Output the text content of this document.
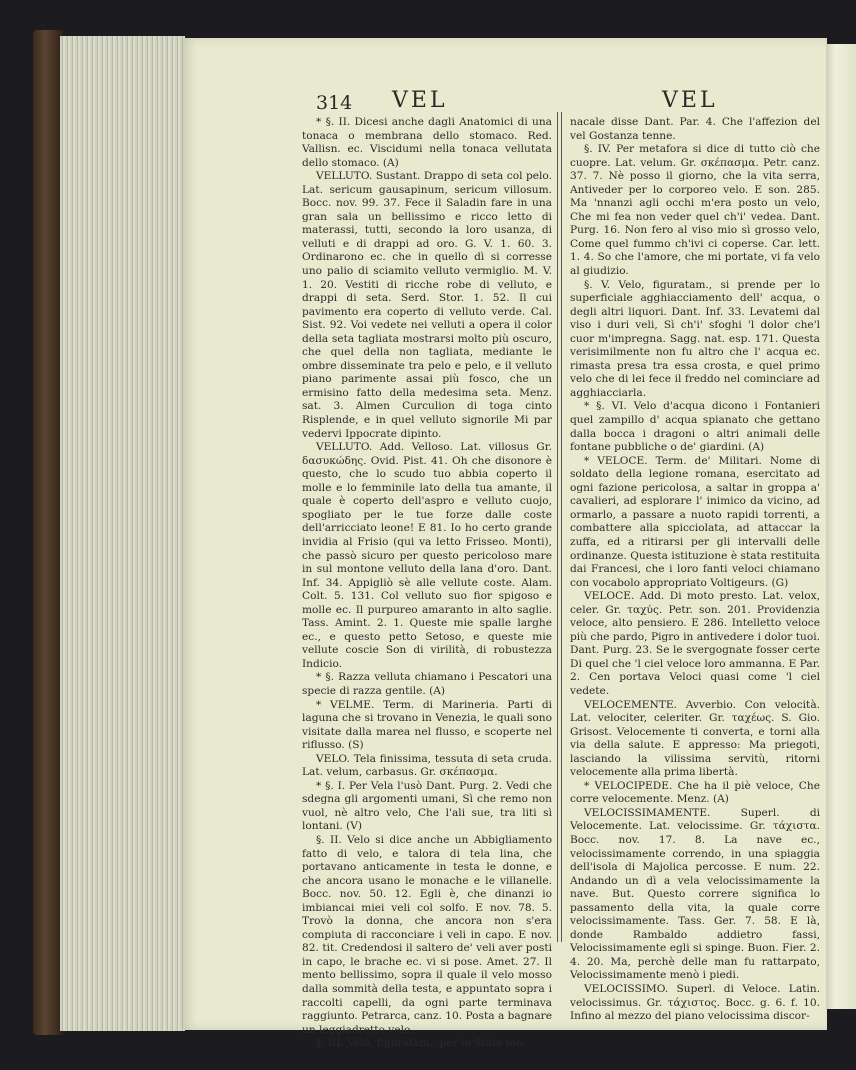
314 VEL	VEL

* §. II. Dicesi anche dagli Anatomici di una tonaca o membrana dello stomaco. Red. Vallisn. ec. Viscidumi nella tonaca vellutata dello stomaco. (A)

VELLUTO. Sustant. Drappo di seta col pelo. Lat. sericum gausapinum, sericum villosum. Bocc. nov. 99. 37. Fece il Saladin fare in una gran sala un bellissimo e ricco letto di materassi, tutti, secondo la loro usanza, di velluti e di drappi ad oro. G. V. 1. 60. 3. Ordinarono ec. che in quello dì si corresse uno palio di sciamito velluto vermiglio. M. V. 1. 20. Vestiti di ricche robe di velluto, e drappi di seta. Serd. Stor. 1. 52. Il cui pavimento era coperto di velluto verde. Cal. Sist. 92. Voi vedete nei velluti a opera il color della seta tagliata mostrarsi molto più oscuro, che quel della non tagliata, mediante le ombre disseminate tra pelo e pelo, e il velluto piano parimente assai più fosco, che un ermisino fatto della medesima seta. Menz. sat. 3. Almen Curculion di toga cinto Risplende, e in quel velluto signorile Mi par vedervi Ippocrate dipinto.

VELLUTO. Add. Velloso. Lat. villosus Gr. δασυκώδης. Ovid. Pist. 41. Oh che disonore è questo, che lo scudo tuo abbia coperto il molle e lo femminile lato della tua amante, il quale è coperto dell'aspro e velluto cuojo, spogliato per le tue forze dalle coste dell'arricciato leone! E 81. Io ho certo grande invidia al Frisio (qui va letto Frisseo. Monti), che passò sicuro per questo pericoloso mare in sul montone velluto della lana d'oro. Dant. Inf. 34. Appigliò sè alle vellute coste. Alam. Colt. 5. 131. Col velluto suo fior spigoso e molle ec. Il purpureo amaranto in alto saglie. Tass. Amint. 2. 1. Queste mie spalle larghe ec., e questo petto Setoso, e queste mie vellute coscie Son di virilità, di robustezza Indicio.

* §. Razza velluta chiamano i Pescatori una specie di razza gentile. (A)

* VELME. Term. di Marineria. Parti di laguna che si trovano in Venezia, le quali sono visitate dalla marea nel flusso, e scoperte nel riflusso. (S)

VELO. Tela finissima, tessuta di seta cruda. Lat. velum, carbasus. Gr. σκέπασμα.

* §. I. Per Vela l'usò Dant. Purg. 2. Vedi che sdegna gli argomenti umani, Sì che remo non vuol, nè altro velo, Che l'ali sue, tra liti sì lontani. (V)

§. II. Velo si dice anche un Abbigliamento fatto di velo, e talora di tela lina, che portavano anticamente in testa le donne, e che ancora usano le monache e le villanelle. Bocc. nov. 50. 12. Egli è, che dinanzi io imbiancai miei veli col solfo. E nov. 78. 5. Trovò la donna, che ancora non s'era compiuta di racconciare i veli in capo. E nov. 82. tit. Credendosi il saltero de' veli aver posti in capo, le brache ec. vi si pose. Amet. 27. Il mento bellissimo, sopra il quale il velo mosso dalla sommità della testa, e appuntato sopra i raccolti capelli, da ogni parte terminava raggiunto. Petrarca, canz. 10. Posta a bagnare un leggiadretto velo.

§. III. Velo, figuratam., per lo Stato mo-

nacale disse Dant. Par. 4. Che l'affezion del vel Gostanza tenne.

§. IV. Per metafora si dice di tutto ciò che cuopre. Lat. velum. Gr. σκέπασμα. Petr. canz. 37. 7. Nè posso il giorno, che la vita serra, Antiveder per lo corporeo velo. E son. 285. Ma 'nnanzi agli occhi m'era posto un velo, Che mi fea non veder quel ch'i' vedea. Dant. Purg. 16. Non fero al viso mio sì grosso velo, Come quel fummo ch'ivi ci coperse. Car. lett. 1. 4. So che l'amore, che mi portate, vi fa velo al giudizio.

§. V. Velo, figuratam., si prende per lo superficiale agghiacciamento dell' acqua, o degli altri liquori. Dant. Inf. 33. Levatemi dal viso i duri veli, Sì ch'i' sfoghi 'l dolor che'l cuor m'impregna. Sagg. nat. esp. 171. Questa verisimilmente non fu altro che l' acqua ec. rimasta presa tra essa crosta, e quel primo velo che di lei fece il freddo nel cominciare ad agghiacciarla.

* §. VI. Velo d'acqua dicono i Fontanieri quel zampillo d' acqua spianato che gettano dalla bocca i dragoni o altri animali delle fontane pubbliche o de' giardini. (A)

* VELOCE. Term. de' Militari. Nome di soldato della legione romana, esercitato ad ogni fazione pericolosa, a saltar in groppa a' cavalieri, ad esplorare l' inimico da vicino, ad ormarlo, a passare a nuoto rapidi torrenti, a combattere alla spicciolata, ad attaccar la zuffa, ed a ritirarsi per gli intervalli delle ordinanze. Questa istituzione è stata restituita dai Francesi, che i loro fanti veloci chiamano con vocabolo appropriato Voltigeurs. (G)

VELOCE. Add. Di moto presto. Lat. velox, celer. Gr. ταχύς. Petr. son. 201. Providenzia veloce, alto pensiero. E 286. Intelletto veloce più che pardo, Pigro in antivedere i dolor tuoi. Dant. Purg. 23. Se le svergognate fosser certe Di quel che 'l ciel veloce loro ammanna. E Par. 2. Cen portava Veloci quasi come 'l ciel vedete.

VELOCEMENTE. Avverbio. Con velocità. Lat. velociter, celeriter. Gr. ταχέως. S. Gio. Grisost. Velocemente ti converta, e torni alla via della salute. E appresso: Ma priegoti, lasciando la vilissima servitù, ritorni velocemente alla prima libertà.

* VELOCIPEDE. Che ha il piè veloce, Che corre velocemente. Menz. (A)

VELOCISSIMAMENTE. Superl. di Velocemente. Lat. velocissime. Gr. τάχιστα. Bocc. nov. 17. 8. La nave ec., velocissimamente correndo, in una spiaggia dell'isola di Majolica percosse. E num. 22. Andando un dì a vela velocissimamente la nave. But. Questo correre significa lo passamento della vita, la quale corre velocissimamente. Tass. Ger. 7. 58. E là, donde Rambaldo addietro fassi, Velocissimamente egli si spinge. Buon. Fier. 2. 4. 20. Ma, perchè delle man fu rattarpato, Velocissimamente menò i piedi.

VELOCISSIMO. Superl. di Veloce. Latin. velocissimus. Gr. τάχιστος. Bocc. g. 6. f. 10. Infino al mezzo del piano velocissima discor-
